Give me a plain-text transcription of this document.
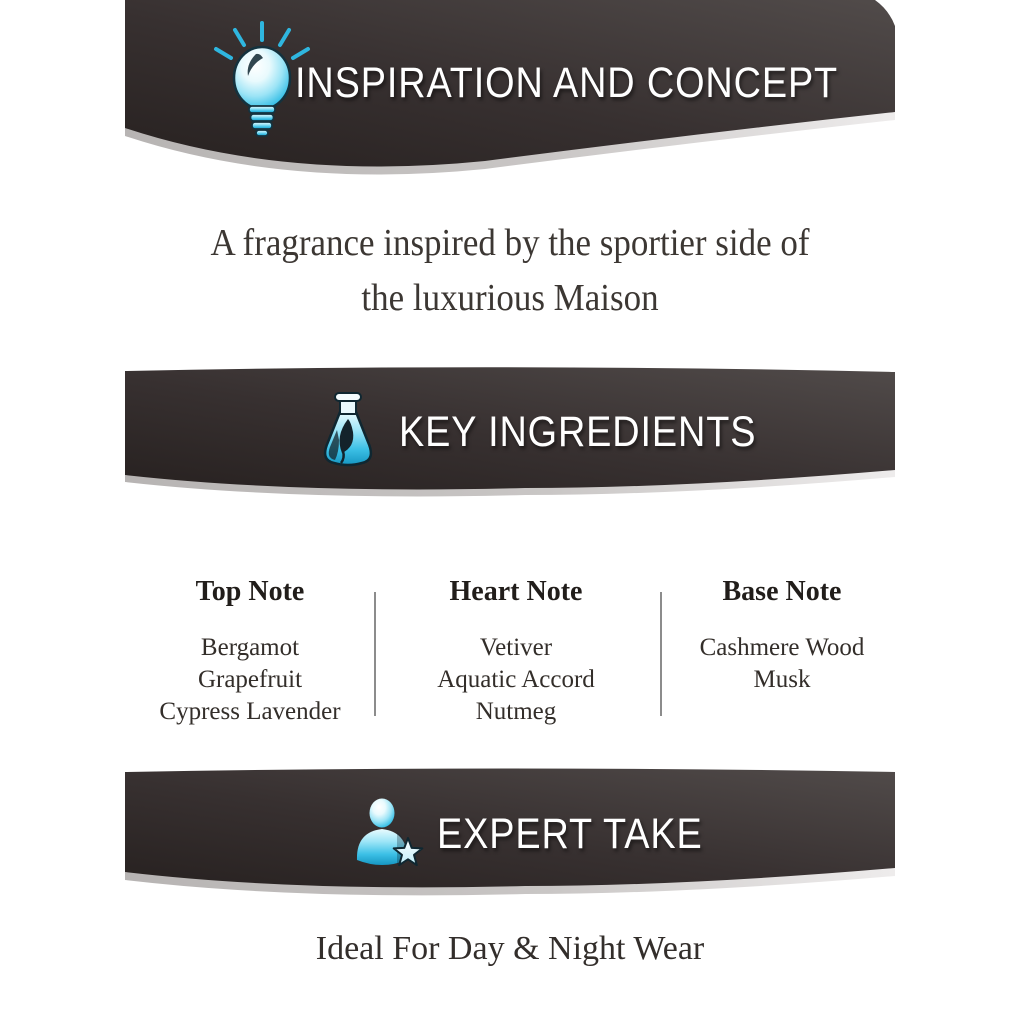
INSPIRATION AND CONCEPT
A fragrance inspired by the sportier side of
the luxurious Maison
KEY INGREDIENTS
Top Note
Bergamot
Grapefruit
Cypress Lavender
Heart Note
Vetiver
Aquatic Accord
Nutmeg
Base Note
Cashmere Wood
Musk
EXPERT TAKE
Ideal For Day & Night Wear
